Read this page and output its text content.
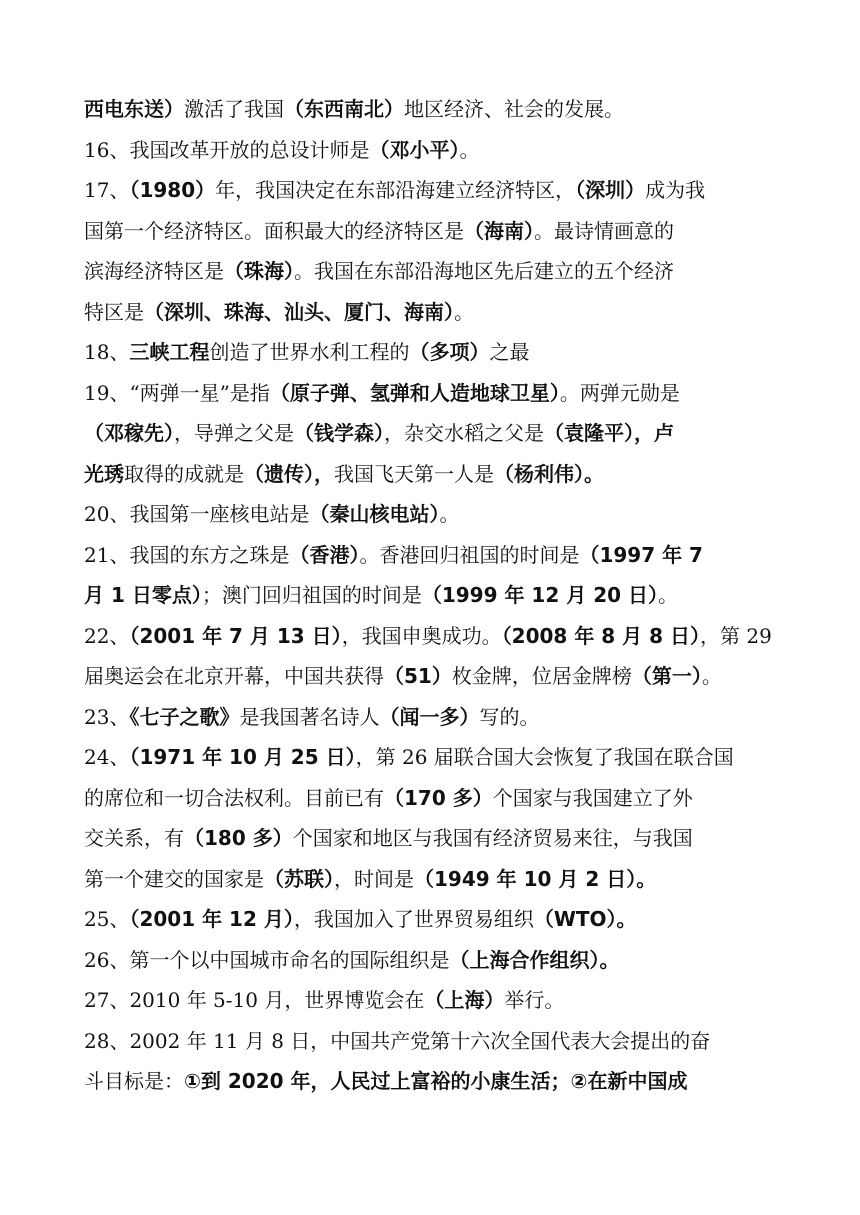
西电东送）激活了我国（东西南北）地区经济、社会的发展。
16、我国改革开放的总设计师是（邓小平）。
17、（1980）年，我国决定在东部沿海建立经济特区，（深圳）成为我
国第一个经济特区。面积最大的经济特区是（海南）。最诗情画意的
滨海经济特区是（珠海）。我国在东部沿海地区先后建立的五个经济
特区是（深圳、珠海、汕头、厦门、海南）。
18、三峡工程创造了世界水利工程的（多项）之最
19、“两弹一星”是指（原子弹、氢弹和人造地球卫星）。两弹元勋是
（邓稼先），导弹之父是（钱学森），杂交水稻之父是（袁隆平），卢
光琇取得的成就是（遗传），我国飞天第一人是（杨利伟）。
20、我国第一座核电站是（秦山核电站）。
21、我国的东方之珠是（香港）。香港回归祖国的时间是（1997 年 7
月 1 日零点）；澳门回归祖国的时间是（1999 年 12 月 20 日）。
22、（2001 年 7 月 13 日），我国申奥成功。（2008 年 8 月 8 日），第 29
届奥运会在北京开幕，中国共获得（51）枚金牌，位居金牌榜（第一）。
23、《七子之歌》是我国著名诗人（闻一多）写的。
24、（1971 年 10 月 25 日），第 26 届联合国大会恢复了我国在联合国
的席位和一切合法权利。目前已有（170 多）个国家与我国建立了外
交关系，有（180 多）个国家和地区与我国有经济贸易来往，与我国
第一个建交的国家是（苏联），时间是（1949 年 10 月 2 日）。
25、（2001 年 12 月），我国加入了世界贸易组织（WTO）。
26、第一个以中国城市命名的国际组织是（上海合作组织）。
27、2010 年 5-10 月，世界博览会在（上海）举行。
28、2002 年 11 月 8 日，中国共产党第十六次全国代表大会提出的奋
斗目标是：①到 2020 年，人民过上富裕的小康生活；②在新中国成
